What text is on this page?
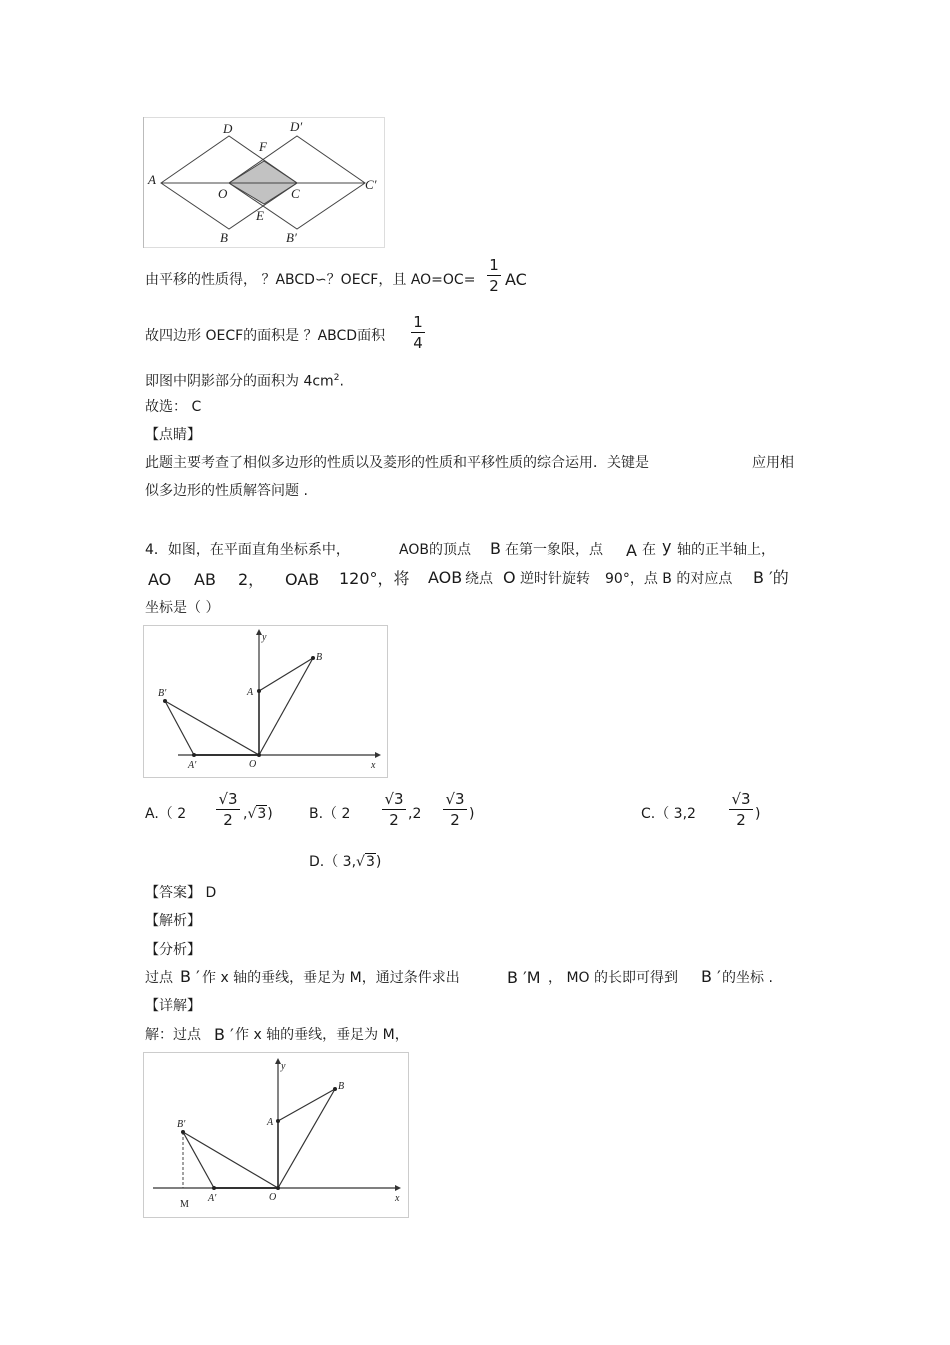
D	D′
F
A
O	C
C′
E
B	B′
由平移的性质得， ？ABCD∽？OECF，且 AO=OC=
1
2 AC
故四边形 OECF的面积是 ？ABCD面积
1
4
即图中阴影部分的面积为 $4cm^2$.
故选： C
【点睛】
此题主要考查了相似多边形的性质以及菱形的性质和平移性质的综合运用．关键是	应用相
似多边形的性质解答问题 .
4．如图，在平面直角坐标系中，	AOB的顶点 B 在第一象限，点 A 在 y 轴的正半轴上，
AO AB 2， OAB 120°，将 AOB 绕点 O 逆时针旋转 90°，点 B 的对应点 B ′的
坐标是（ ）
y
B
A
B′
A′	O	x
A.（ 2
√3
2 ,√3)	B.（ 2
√3
2 ,2
√3
2 )	C.（ 3,2
√3
2 )
D.（ 3,√3)
【答案】 D
【解析】
【分析】
过点 B ′ 作 x 轴的垂线，垂足为 M，通过条件求出	B ′M ， MO 的长即可得到 B ′ 的坐标 .
【详解】
解：过点 B ′ 作 x 轴的垂线，垂足为 M，
y
B
A
B′
A′	O	x
M
